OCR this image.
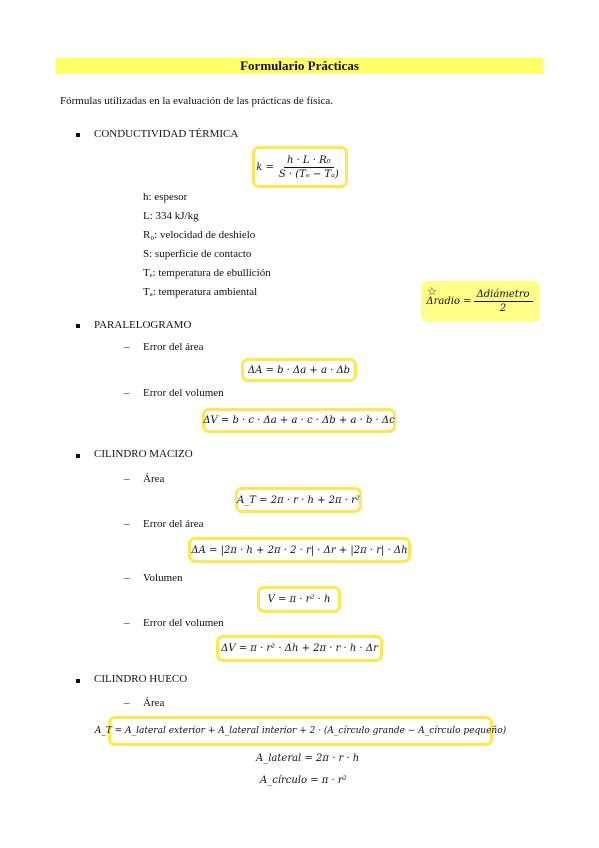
Formulario Prácticas
Fórmulas utilizadas en la evaluación de las prácticas de física.
CONDUCTIVIDAD TÉRMICA
$k = \frac{\text{h · L · R₀}}{\text{S · (Tₑ − Tₐ)}}$
h: espesor
L: 334 kJ/kg
R₀: velocidad de deshielo
S: superficie de contacto
Tₑ: temperatura de ebullición
Tₐ: temperatura ambiental	☆
Δradio = $\frac{\text{Δdiámetro}}{2}$
PARALELOGRAMO
– Error del área
ΔA = b · Δa + a · Δb
– Error del volumen
ΔV = b · c · Δa + a · c · Δb + a · b · Δc
CILINDRO MACIZO
– Área
A_T = 2π · r · h + 2π · r²
– Error del área
ΔA = |2π · h + 2π · 2 · r| · Δr + |2π · r| · Δh
– Volumen
V = π · r² · h
– Error del volumen
ΔV = π · r² · Δh + 2π · r · h · Δr
CILINDRO HUECO
– Área
A_T = A_lateral exterior + A_lateral interior + 2 · (A_círculo grande − A_círculo pequeño)
A_lateral = 2π · r · h
A_círculo = π · r²
